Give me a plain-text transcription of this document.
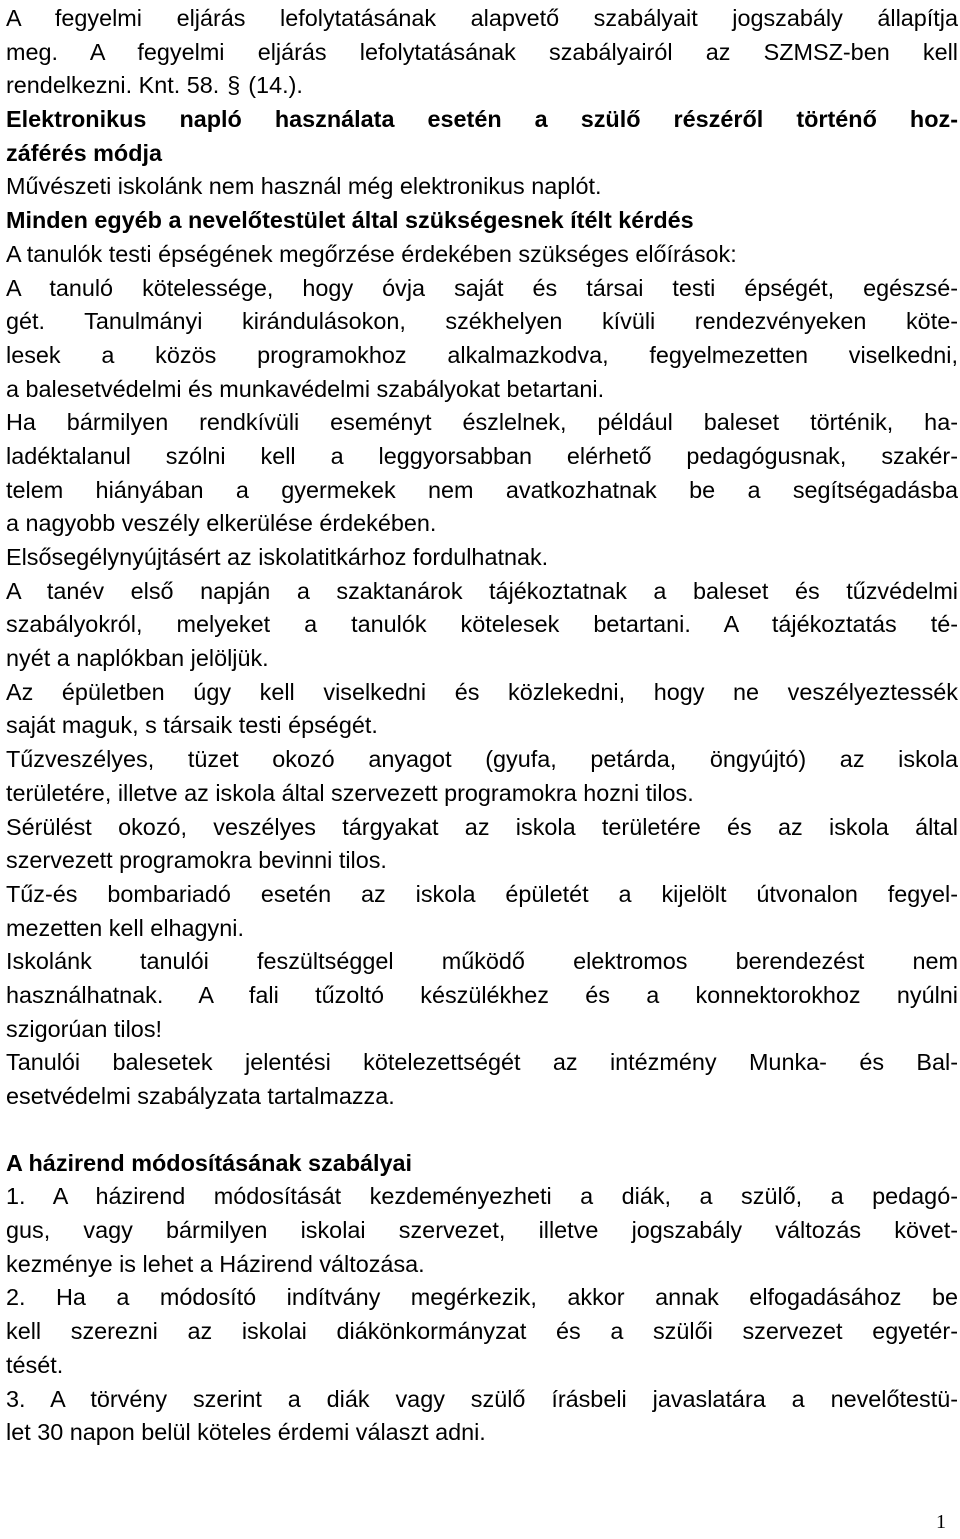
A fegyelmi eljárás lefolytatásának alapvető szabályait jogszabály állapítja
meg. A fegyelmi eljárás lefolytatásának szabályairól az SZMSZ-ben kell
rendelkezni. Knt. 58. § (14.).
Elektronikus napló használata esetén a szülő részéről történő hoz-
záférés módja
Művészeti iskolánk nem használ még elektronikus naplót.
Minden egyéb a nevelőtestület által szükségesnek ítélt kérdés
A tanulók testi épségének megőrzése érdekében szükséges előírások:
A tanuló kötelessége, hogy óvja saját és társai testi épségét, egészsé-
gét. Tanulmányi kirándulásokon, székhelyen kívüli rendezvényeken köte-
lesek a közös programokhoz alkalmazkodva, fegyelmezetten viselkedni,
a balesetvédelmi és munkavédelmi szabályokat betartani.
Ha bármilyen rendkívüli eseményt észlelnek, például baleset történik, ha-
ladéktalanul szólni kell a leggyorsabban elérhető pedagógusnak, szakér-
telem hiányában a gyermekek nem avatkozhatnak be a segítségadásba
a nagyobb veszély elkerülése érdekében.
Elsősegélynyújtásért az iskolatitkárhoz fordulhatnak.
A tanév első napján a szaktanárok tájékoztatnak a baleset és tűzvédelmi
szabályokról, melyeket a tanulók kötelesek betartani. A tájékoztatás té-
nyét a naplókban jelöljük.
Az épületben úgy kell viselkedni és közlekedni, hogy ne veszélyeztessék
saját maguk, s társaik testi épségét.
Tűzveszélyes, tüzet okozó anyagot (gyufa, petárda, öngyújtó) az iskola
területére, illetve az iskola által szervezett programokra hozni tilos.
Sérülést okozó, veszélyes tárgyakat az iskola területére és az iskola által
szervezett programokra bevinni tilos.
Tűz-és bombariadó esetén az iskola épületét a kijelölt útvonalon fegyel-
mezetten kell elhagyni.
Iskolánk tanulói feszültséggel működő elektromos berendezést nem
használhatnak. A fali tűzoltó készülékhez és a konnektorokhoz nyúlni
szigorúan tilos!
Tanulói balesetek jelentési kötelezettségét az intézmény Munka- és Bal-
esetvédelmi szabályzata tartalmazza.
A házirend módosításának szabályai
1. A házirend módosítását kezdeményezheti a diák, a szülő, a pedagó-
gus, vagy bármilyen iskolai szervezet, illetve jogszabály változás követ-
kezménye is lehet a Házirend változása.
2. Ha a módosító indítvány megérkezik, akkor annak elfogadásához be
kell szerezni az iskolai diákönkormányzat és a szülői szervezet egyetér-
tését.
3. A törvény szerint a diák vagy szülő írásbeli javaslatára a nevelőtestü-
let 30 napon belül köteles érdemi választ adni.
1
